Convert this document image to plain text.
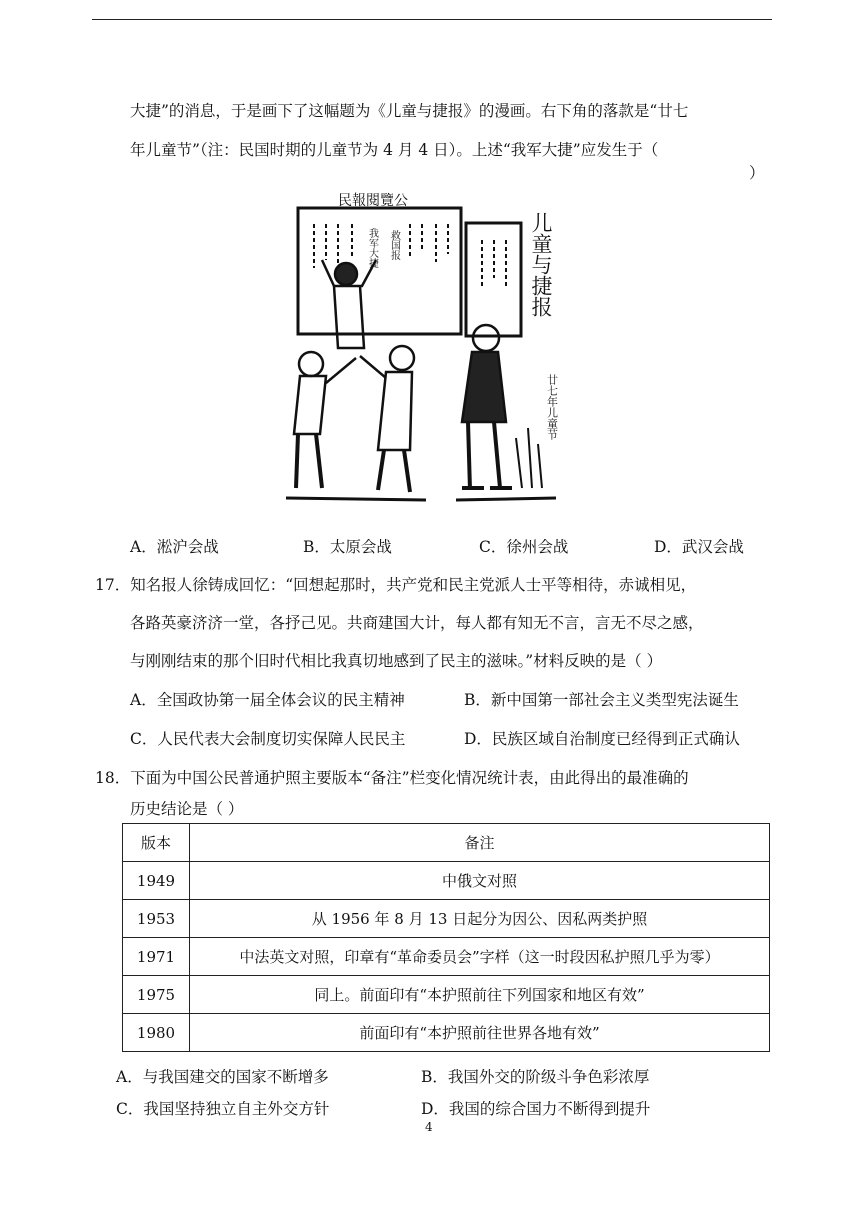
大捷”的消息，于是画下了这幅题为《儿童与捷报》的漫画。右下角的落款是“廿七
年儿童节”（注：民国时期的儿童节为 4 月 4 日）。上述“我军大捷”应发生于（
）
民報閱覽公
儿童与捷报
廿七年儿童节
我军大捷 救国报
A．淞沪会战	B．太原会战	C．徐州会战	D．武汉会战
17．知名报人徐铸成回忆：“回想起那时，共产党和民主党派人士平等相待，赤诚相见，
各路英豪济济一堂，各抒己见。共商建国大计，每人都有知无不言，言无不尽之感，
与刚刚结束的那个旧时代相比我真切地感到了民主的滋味。”材料反映的是（ ）
A．全国政协第一届全体会议的民主精神	B．新中国第一部社会主义类型宪法诞生
C．人民代表大会制度切实保障人民民主	D．民族区域自治制度已经得到正式确认
18．下面为中国公民普通护照主要版本“备注”栏变化情况统计表，由此得出的最准确的
历史结论是（ ）
版本	备注
1949	中俄文对照
1953	从 1956 年 8 月 13 日起分为因公、因私两类护照
1971	中法英文对照，印章有“革命委员会”字样（这一时段因私护照几乎为零）
1975	同上。前面印有“本护照前往下列国家和地区有效”
1980	前面印有“本护照前往世界各地有效”
A．与我国建交的国家不断增多	B．我国外交的阶级斗争色彩浓厚
C．我国坚持独立自主外交方针	D．我国的综合国力不断得到提升
4
